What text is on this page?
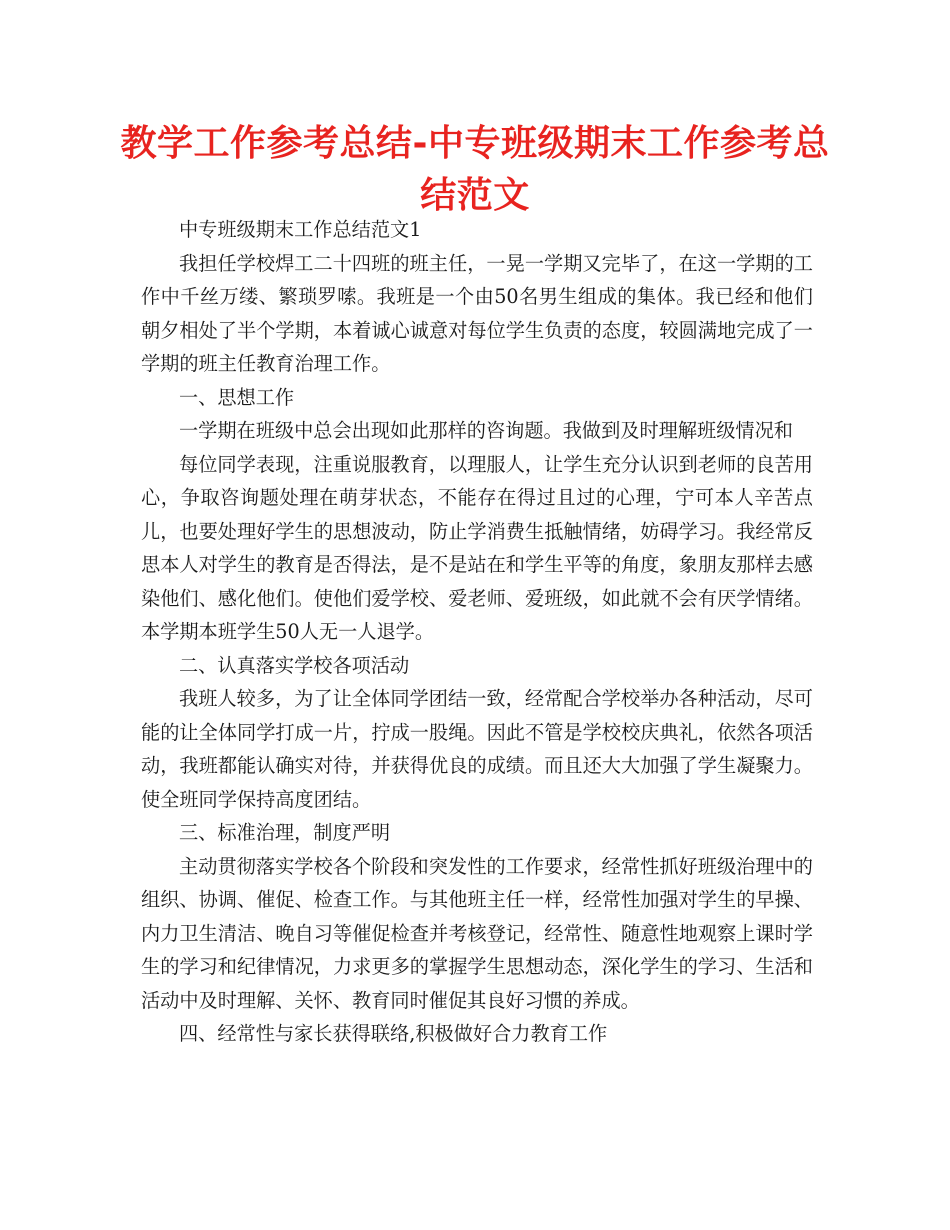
教学工作参考总结-中专班级期末工作参考总结范文

中专班级期末工作总结范文1

我担任学校焊工二十四班的班主任，一晃一学期又完毕了，在这一学期的工作中千丝万缕、繁琐罗嗦。我班是一个由50名男生组成的集体。我已经和他们朝夕相处了半个学期，本着诚心诚意对每位学生负责的态度，较圆满地完成了一学期的班主任教育治理工作。

一、思想工作

一学期在班级中总会出现如此那样的咨询题。我做到及时理解班级情况和

每位同学表现，注重说服教育，以理服人，让学生充分认识到老师的良苦用心，争取咨询题处理在萌芽状态，不能存在得过且过的心理，宁可本人辛苦点儿，也要处理好学生的思想波动，防止学消费生抵触情绪，妨碍学习。我经常反思本人对学生的教育是否得法，是不是站在和学生平等的角度，象朋友那样去感染他们、感化他们。使他们爱学校、爱老师、爱班级，如此就不会有厌学情绪。本学期本班学生50人无一人退学。

二、认真落实学校各项活动

我班人较多，为了让全体同学团结一致，经常配合学校举办各种活动，尽可能的让全体同学打成一片，拧成一股绳。因此不管是学校校庆典礼，依然各项活动，我班都能认确实对待，并获得优良的成绩。而且还大大加强了学生凝聚力。使全班同学保持高度团结。

三、标准治理，制度严明

主动贯彻落实学校各个阶段和突发性的工作要求，经常性抓好班级治理中的组织、协调、催促、检查工作。与其他班主任一样，经常性加强对学生的早操、内力卫生清洁、晚自习等催促检查并考核登记，经常性、随意性地观察上课时学生的学习和纪律情况，力求更多的掌握学生思想动态，深化学生的学习、生活和活动中及时理解、关怀、教育同时催促其良好习惯的养成。

四、经常性与家长获得联络,积极做好合力教育工作
